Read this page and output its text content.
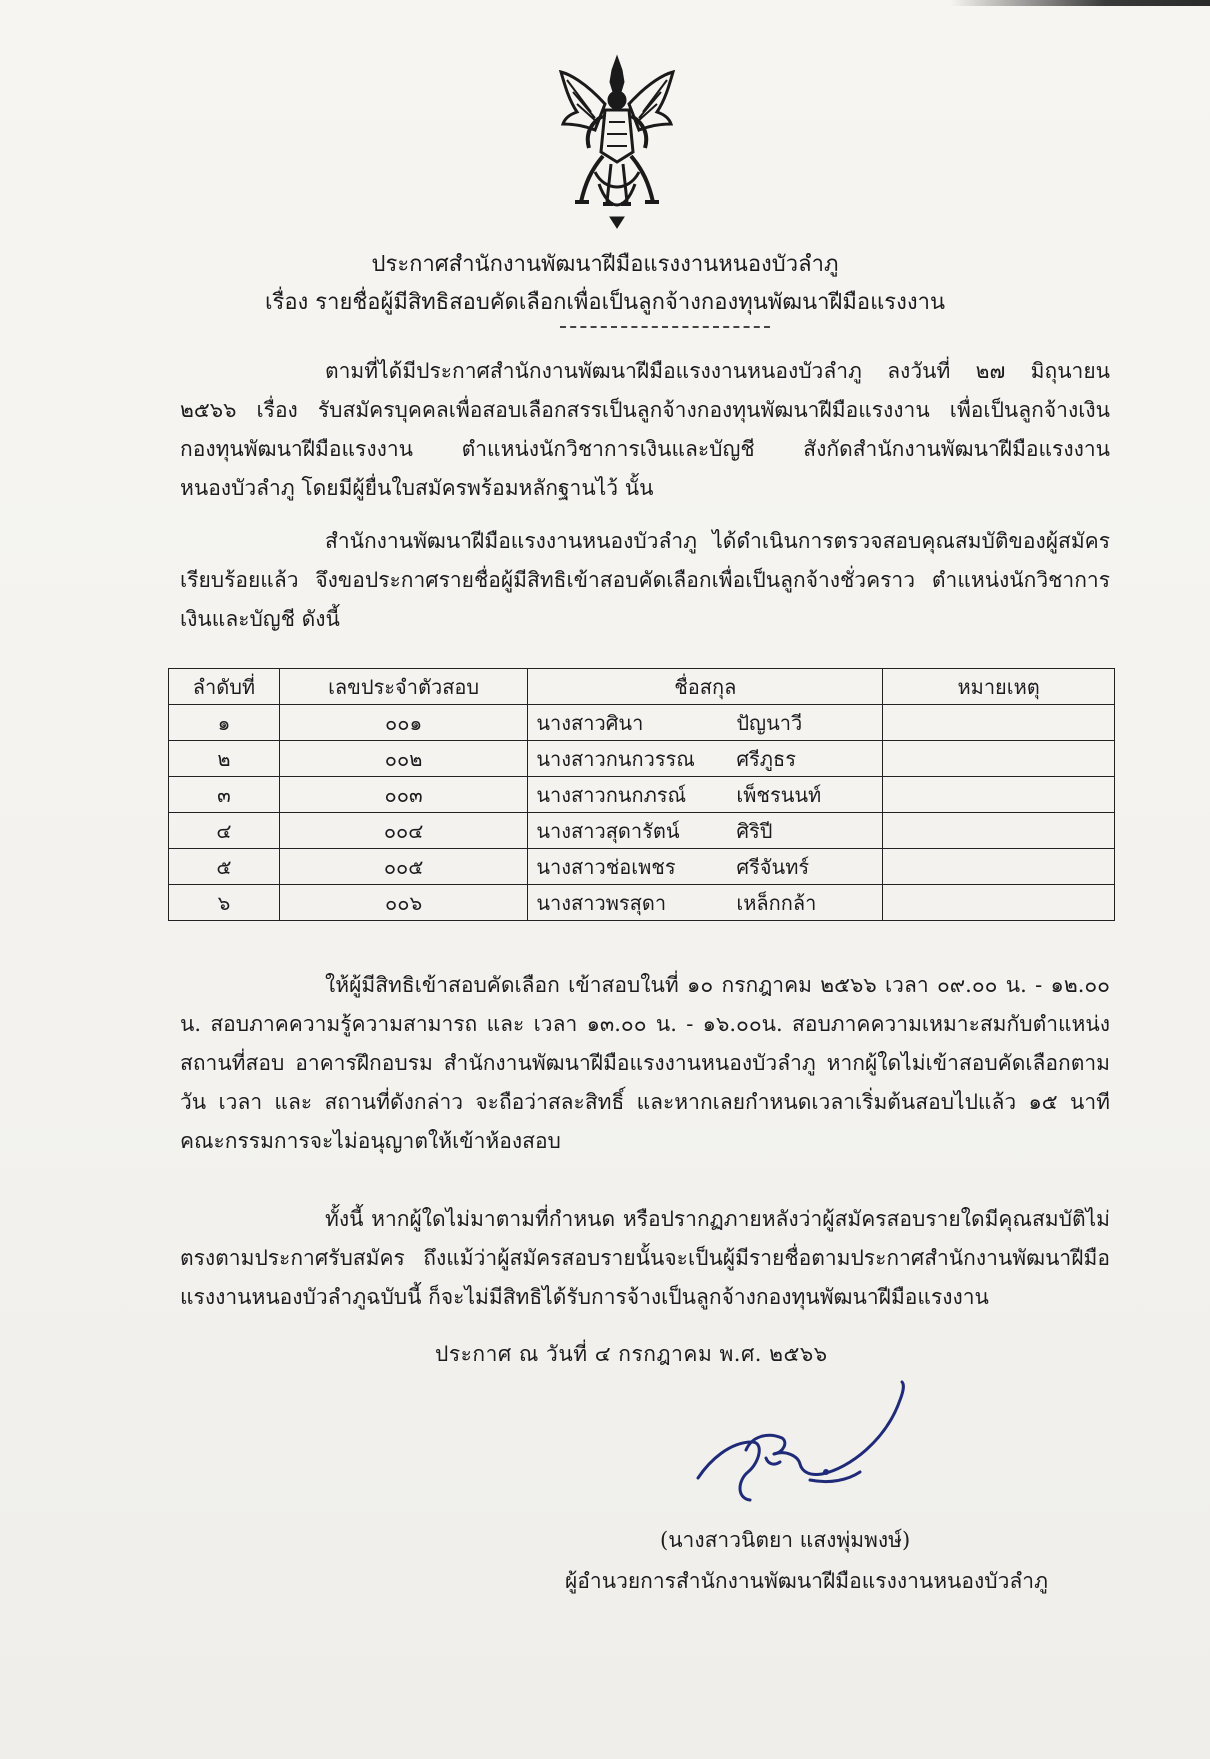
ประกาศสำนักงานพัฒนาฝีมือแรงงานหนองบัวลำภู
เรื่อง รายชื่อผู้มีสิทธิสอบคัดเลือกเพื่อเป็นลูกจ้างกองทุนพัฒนาฝีมือแรงงาน
ตามที่ได้มีประกาศสำนักงานพัฒนาฝีมือแรงงานหนองบัวลำภู ลงวันที่ ๒๗ มิถุนายน ๒๕๖๖ เรื่อง รับสมัครบุคคลเพื่อสอบเลือกสรรเป็นลูกจ้างกองทุนพัฒนาฝีมือแรงงาน เพื่อเป็นลูกจ้างเงินกองทุนพัฒนาฝีมือแรงงาน ตำแหน่งนักวิชาการเงินและบัญชี สังกัดสำนักงานพัฒนาฝีมือแรงงานหนองบัวลำภู โดยมีผู้ยื่นใบสมัครพร้อมหลักฐานไว้ นั้น
สำนักงานพัฒนาฝีมือแรงงานหนองบัวลำภู ได้ดำเนินการตรวจสอบคุณสมบัติของผู้สมัครเรียบร้อยแล้ว จึงขอประกาศรายชื่อผู้มีสิทธิเข้าสอบคัดเลือกเพื่อเป็นลูกจ้างชั่วคราว ตำแหน่งนักวิชาการเงินและบัญชี ดังนี้
ลำดับที่	เลขประจำตัวสอบ	ชื่อสกุล	หมายเหตุ
๑	๐๐๑	นางสาวศินา ปัญนาวี	
๒	๐๐๒	นางสาวกนกวรรณ ศรีภูธร	
๓	๐๐๓	นางสาวกนกภรณ์ เพ็ชรนนท์	
๔	๐๐๔	นางสาวสุดารัตน์ ศิริปี	
๕	๐๐๕	นางสาวช่อเพชร ศรีจันทร์	
๖	๐๐๖	นางสาวพรสุดา เหล็กกล้า	
ให้ผู้มีสิทธิเข้าสอบคัดเลือก เข้าสอบในที่ ๑๐ กรกฎาคม ๒๕๖๖ เวลา ๐๙.๐๐ น. - ๑๒.๐๐ น. สอบภาคความรู้ความสามารถ และ เวลา ๑๓.๐๐ น. - ๑๖.๐๐น. สอบภาคความเหมาะสมกับตำแหน่ง สถานที่สอบ อาคารฝึกอบรม สำนักงานพัฒนาฝีมือแรงงานหนองบัวลำภู หากผู้ใดไม่เข้าสอบคัดเลือกตามวัน เวลา และ สถานที่ดังกล่าว จะถือว่าสละสิทธิ์ และหากเลยกำหนดเวลาเริ่มต้นสอบไปแล้ว ๑๕ นาที คณะกรรมการจะไม่อนุญาตให้เข้าห้องสอบ
ทั้งนี้ หากผู้ใดไม่มาตามที่กำหนด หรือปรากฏภายหลังว่าผู้สมัครสอบรายใดมีคุณสมบัติไม่ตรงตามประกาศรับสมัคร ถึงแม้ว่าผู้สมัครสอบรายนั้นจะเป็นผู้มีรายชื่อตามประกาศสำนักงานพัฒนาฝีมือแรงงานหนองบัวลำภูฉบับนี้ ก็จะไม่มีสิทธิได้รับการจ้างเป็นลูกจ้างกองทุนพัฒนาฝีมือแรงงาน
ประกาศ ณ วันที่ ๔ กรกฎาคม พ.ศ. ๒๕๖๖
(นางสาวนิตยา แสงพุ่มพงษ์)
ผู้อำนวยการสำนักงานพัฒนาฝีมือแรงงานหนองบัวลำภู
